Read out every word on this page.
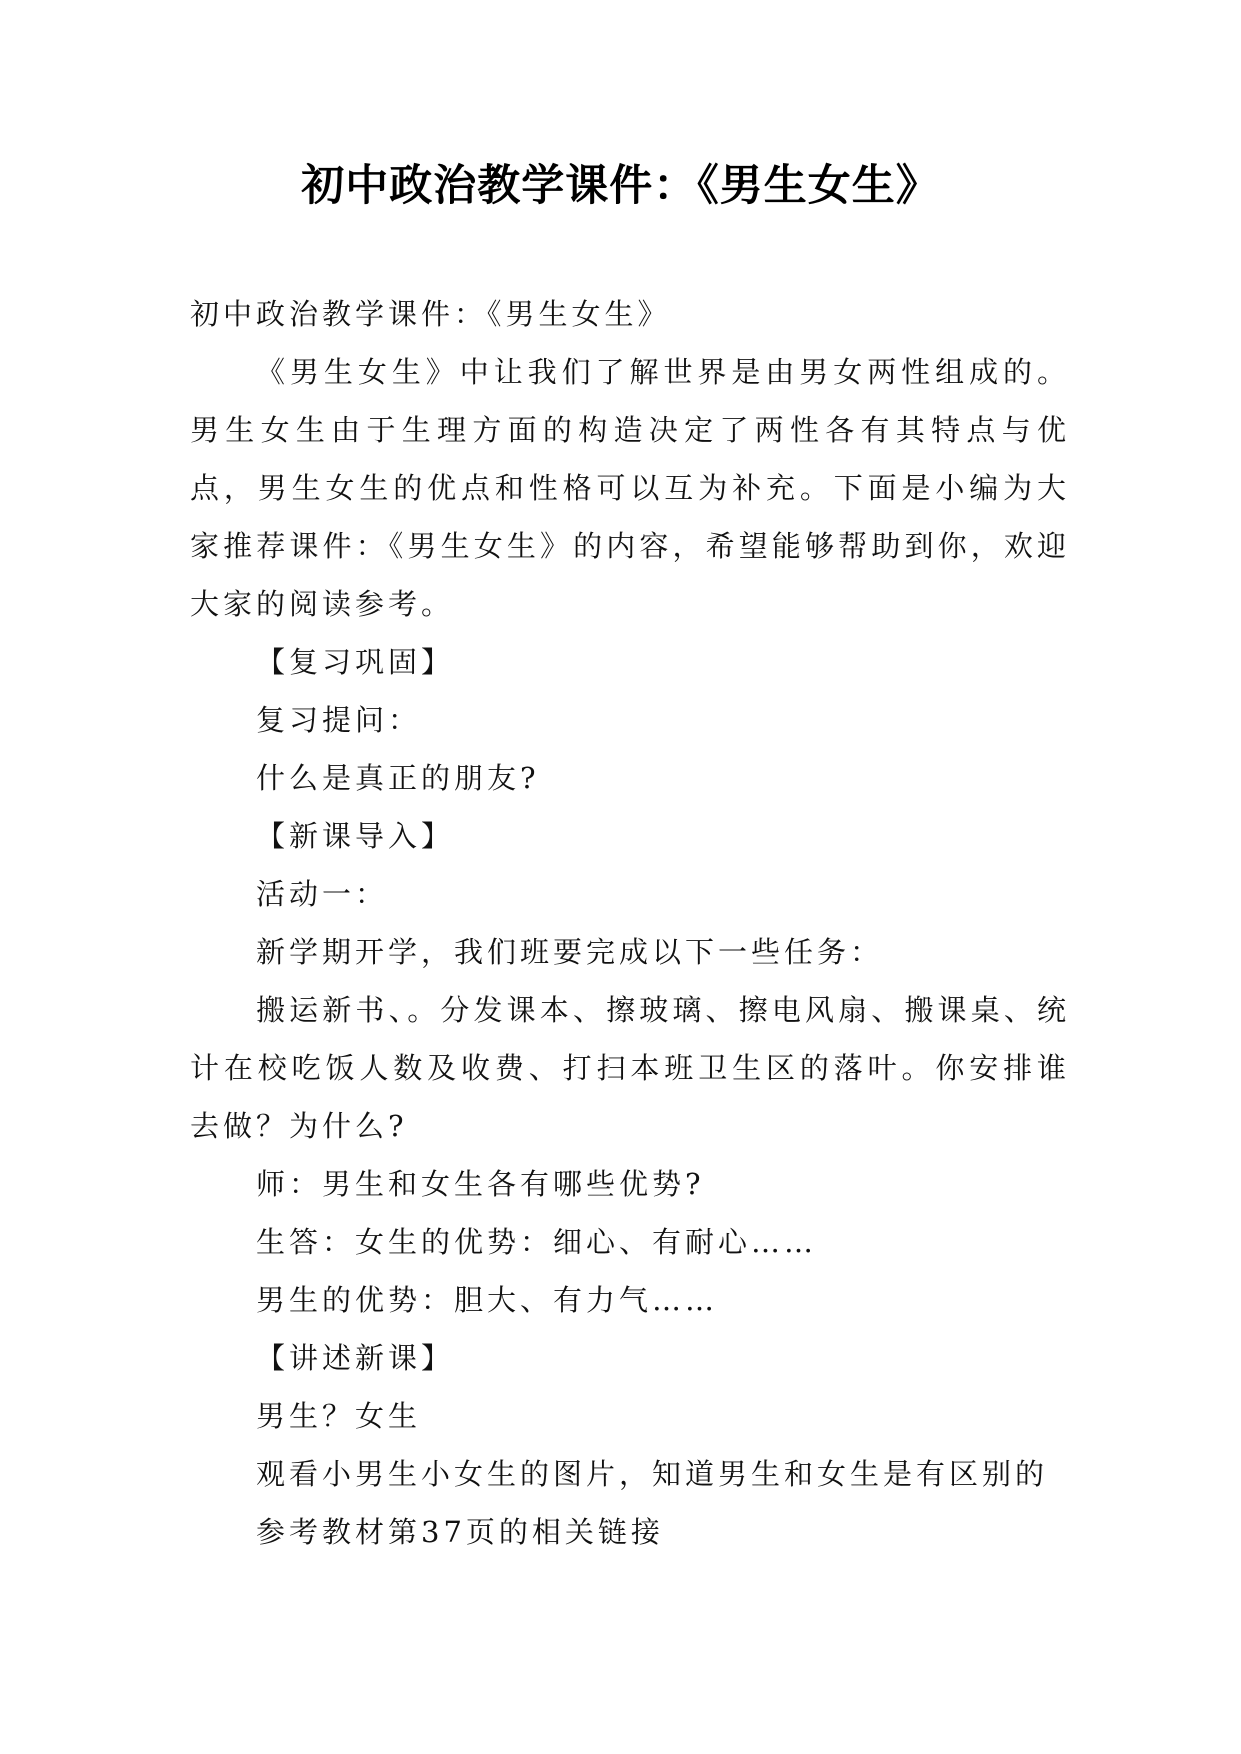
初中政治教学课件：《男生女生》

初中政治教学课件：《男生女生》

《男生女生》中让我们了解世界是由男女两性组成的。男生女生由于生理方面的构造决定了两性各有其特点与优点，男生女生的优点和性格可以互为补充。下面是小编为大家推荐课件：《男生女生》的内容，希望能够帮助到你，欢迎大家的阅读参考。

【复习巩固】

复习提问：

什么是真正的朋友?

【新课导入】

活动一：

新学期开学，我们班要完成以下一些任务：

搬运新书、。分发课本、擦玻璃、擦电风扇、搬课桌、统计在校吃饭人数及收费、打扫本班卫生区的落叶。你安排谁去做？为什么?

师：男生和女生各有哪些优势?

生答：女生的优势：细心、有耐心……

男生的优势：胆大、有力气……

【讲述新课】

男生？女生

观看小男生小女生的图片，知道男生和女生是有区别的

参考教材第37页的相关链接
